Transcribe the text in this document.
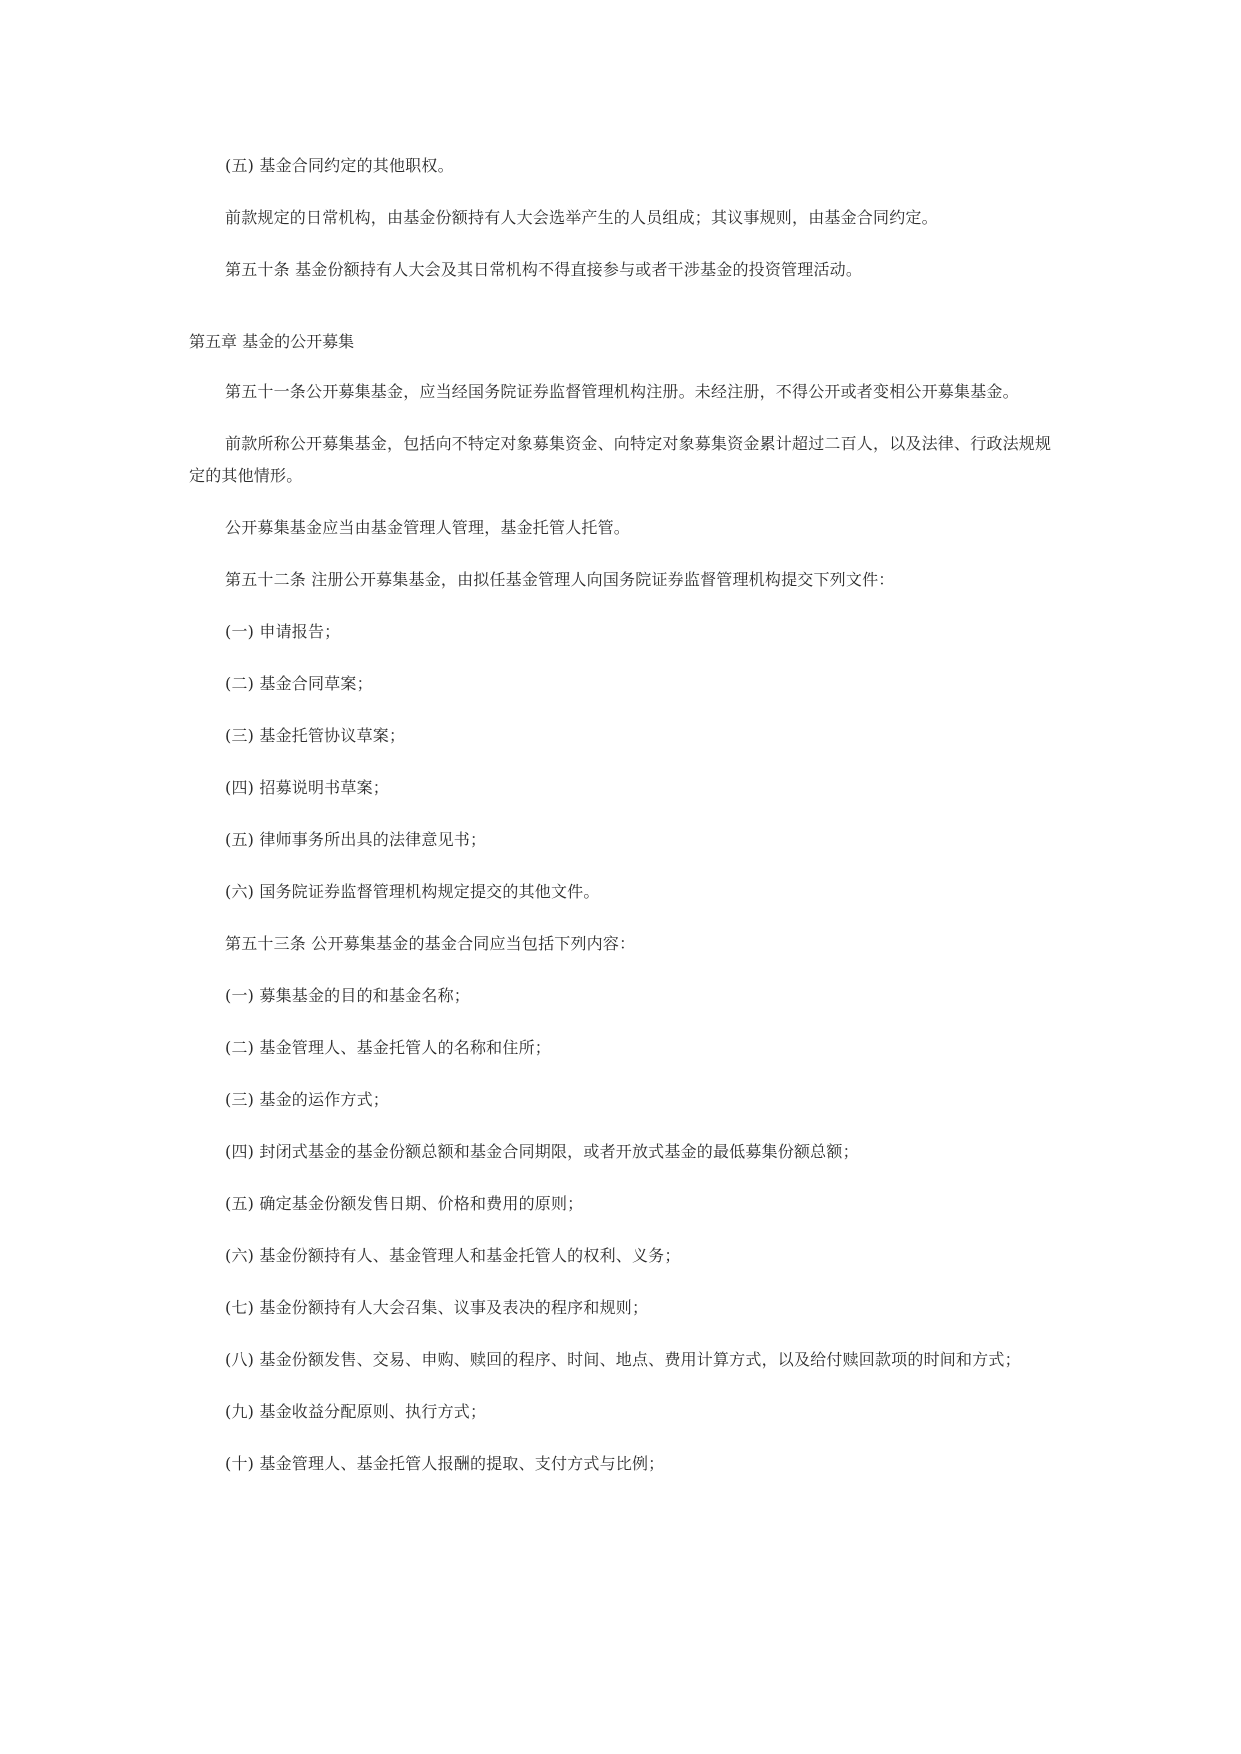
(五) 基金合同约定的其他职权。

前款规定的日常机构，由基金份额持有人大会选举产生的人员组成；其议事规则，由基金合同约定。

第五十条 基金份额持有人大会及其日常机构不得直接参与或者干涉基金的投资管理活动。

第五章 基金的公开募集

第五十一条公开募集基金，应当经国务院证券监督管理机构注册。未经注册，不得公开或者变相公开募集基金。

前款所称公开募集基金，包括向不特定对象募集资金、向特定对象募集资金累计超过二百人，以及法律、行政法规规定的其他情形。

公开募集基金应当由基金管理人管理，基金托管人托管。

第五十二条 注册公开募集基金，由拟任基金管理人向国务院证券监督管理机构提交下列文件：

(一) 申请报告；

(二) 基金合同草案；

(三) 基金托管协议草案；

(四) 招募说明书草案；

(五) 律师事务所出具的法律意见书；

(六) 国务院证券监督管理机构规定提交的其他文件。

第五十三条 公开募集基金的基金合同应当包括下列内容：

(一) 募集基金的目的和基金名称；

(二) 基金管理人、基金托管人的名称和住所；

(三) 基金的运作方式；

(四) 封闭式基金的基金份额总额和基金合同期限，或者开放式基金的最低募集份额总额；

(五) 确定基金份额发售日期、价格和费用的原则；

(六) 基金份额持有人、基金管理人和基金托管人的权利、义务；

(七) 基金份额持有人大会召集、议事及表决的程序和规则；

(八) 基金份额发售、交易、申购、赎回的程序、时间、地点、费用计算方式，以及给付赎回款项的时间和方式；

(九) 基金收益分配原则、执行方式；

(十) 基金管理人、基金托管人报酬的提取、支付方式与比例；
